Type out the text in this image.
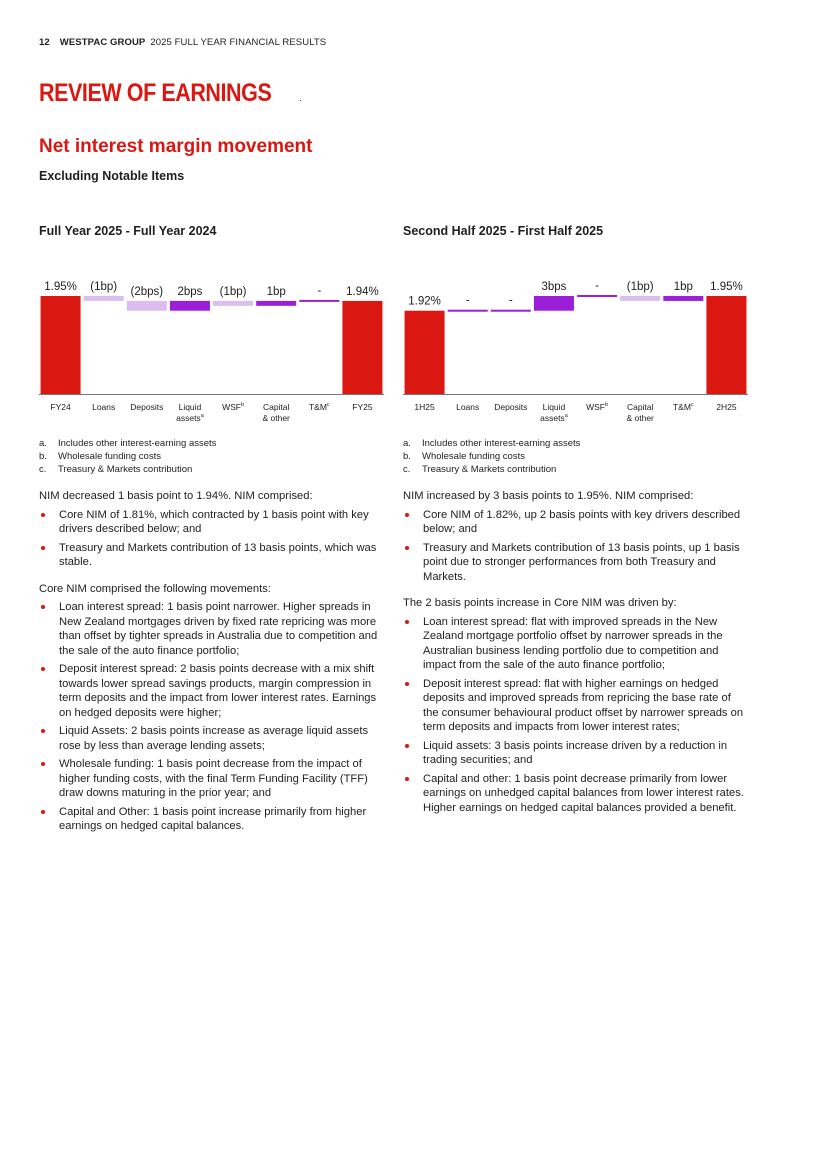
12 WESTPAC GROUP 2025 FULL YEAR FINANCIAL RESULTS
REVIEW OF EARNINGS
Net interest margin movement
Excluding Notable Items
Full Year 2025 - Full Year 2024	Second Half 2025 - First Half 2025
1.95%
FY24
(1bp)
Loans
(2bps)
Deposits
2bps
Liquid
assets$^a$
(1bp)
WSF$^b$
1bp
Capital
& other
-
$T\&M^c$
1.94%
FY25
1.92%
1H25
-
Loans
-
Deposits
3bps
Liquid
assets$^a$
-
WSF$^b$
(1bp)
Capital
& other
1bp
$T\&M^c$
1.95%
2H25
a.	Includes other interest-earning assets
b.	Wholesale funding costs
c.	Treasury & Markets contribution
a.	Includes other interest-earning assets
b.	Wholesale funding costs
c.	Treasury & Markets contribution

NIM decreased 1 basis point to 1.94%. NIM comprised:

Core NIM of 1.81%, which contracted by 1 basis point with key drivers described below; and
Treasury and Markets contribution of 13 basis points, which was stable.

Core NIM comprised the following movements:

Loan interest spread: 1 basis point narrower. Higher spreads in New Zealand mortgages driven by fixed rate repricing was more than offset by tighter spreads in Australia due to competition and the sale of the auto finance portfolio;
Deposit interest spread: 2 basis points decrease with a mix shift towards lower spread savings products, margin compression in term deposits and the impact from lower interest rates. Earnings on hedged deposits were higher;
Liquid Assets: 2 basis points increase as average liquid assets rose by less than average lending assets;
Wholesale funding: 1 basis point decrease from the impact of higher funding costs, with the final Term Funding Facility (TFF) draw downs maturing in the prior year; and
Capital and Other: 1 basis point increase primarily from higher earnings on hedged capital balances.

NIM increased by 3 basis points to 1.95%. NIM comprised:

Core NIM of 1.82%, up 2 basis points with key drivers described below; and
Treasury and Markets contribution of 13 basis points, up 1 basis point due to stronger performances from both Treasury and Markets.

The 2 basis points increase in Core NIM was driven by:

Loan interest spread: flat with improved spreads in the New Zealand mortgage portfolio offset by narrower spreads in the Australian business lending portfolio due to competition and impact from the sale of the auto finance portfolio;
Deposit interest spread: flat with higher earnings on hedged deposits and improved spreads from repricing the base rate of the consumer behavioural product offset by narrower spreads on term deposits and impacts from lower interest rates;
Liquid assets: 3 basis points increase driven by a reduction in trading securities; and
Capital and other: 1 basis point decrease primarily from lower earnings on unhedged capital balances from lower interest rates. Higher earnings on hedged capital balances provided a benefit.
